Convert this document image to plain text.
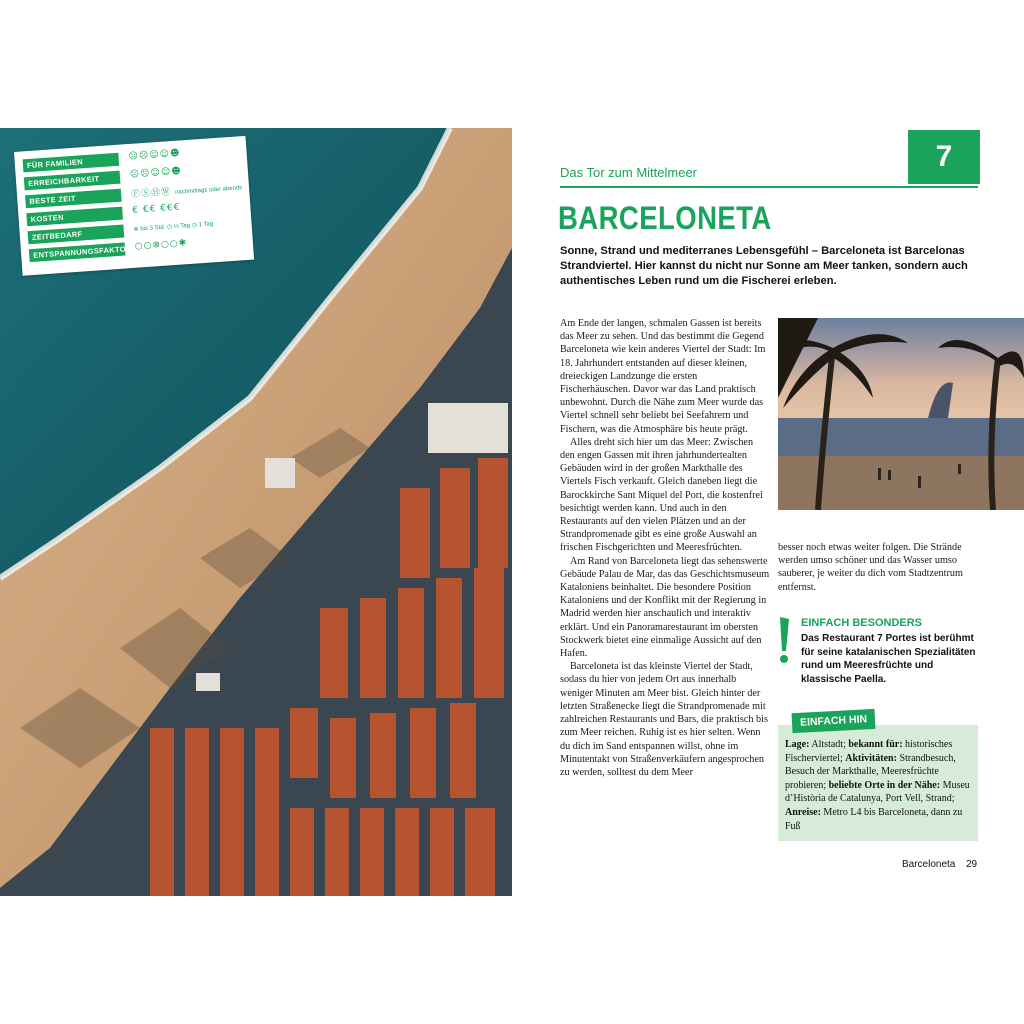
FÜR FAMILIEN
ERREICHBARKEIT
BESTE ZEIT
KOSTEN
ZEITBEDARF
ENTSPANNUNGSFAKTOR
☹☹☺☺☻
☹☹☺☺☻
ⒻⓈⒽⓌ nachmittags oder abends
€ €€ €€€
⊗ bis 3 Std. ◷ ½ Tag ◷ 1 Tag
○○⊗○○✱
7
Das Tor zum Mittelmeer
BARCELONETA
Sonne, Strand und mediterranes Lebensgefühl – Barceloneta ist Barcelonas Strandviertel. Hier kannst du nicht nur Sonne am Meer tanken, sondern auch authentisches Leben rund um die Fischerei erleben.

Am Ende der langen, schmalen Gassen ist bereits das Meer zu sehen. Und das bestimmt die Gegend Barceloneta wie kein anderes Viertel der Stadt: Im 18. Jahrhundert entstanden auf dieser kleinen, dreieckigen Landzunge die ersten Fischerhäuschen. Davor war das Land praktisch unbewohnt. Durch die Nähe zum Meer wurde das Viertel schnell sehr beliebt bei Seefahrern und Fischern, was die Atmosphäre bis heute prägt.

Alles dreht sich hier um das Meer: Zwischen den engen Gassen mit ihren jahrhundertealten Gebäuden wird in der großen Markthalle des Viertels Fisch verkauft. Gleich daneben liegt die Barockkirche Sant Miquel del Port, die kostenfrei besichtigt werden kann. Und auch in den Restaurants auf den vielen Plätzen und an der Strandpromenade gibt es eine große Auswahl an frischen Fischgerichten und Meeresfrüchten.

Am Rand von Barceloneta liegt das sehenswerte Gebäude Palau de Mar, das das Geschichtsmuseum Kataloniens beinhaltet. Die besondere Position Kataloniens und der Konflikt mit der Regierung in Madrid werden hier anschaulich und interaktiv erklärt. Und ein Panoramarestaurant im obersten Stockwerk bietet eine einmalige Aussicht auf den Hafen.

Barceloneta ist das kleinste Viertel der Stadt, sodass du hier von jedem Ort aus innerhalb weniger Minuten am Meer bist. Gleich hinter der letzten Straßenecke liegt die Strandpromenade mit zahlreichen Restaurants und Bars, die praktisch bis zum Meer reichen. Ruhig ist es hier selten. Wenn du dich im Sand entspannen willst, ohne im Minutentakt von Straßenverkäufern angesprochen zu werden, solltest du dem Meer

besser noch etwas weiter folgen. Die Strände werden umso schöner und das Wasser umso sauberer, je weiter du dich vom Stadtzentrum entfernst.

EINFACH BESONDERS
Das Restaurant 7 Portes ist berühmt für seine katalanischen Spezialitäten rund um Meeresfrüchte und klassische Paella.
EINFACH HIN
Lage: Altstadt; bekannt für: historisches Fischerviertel; Aktivitäten: Strandbesuch, Besuch der Markthalle, Meeresfrüchte probieren; beliebte Orte in der Nähe: Museu d’Història de Catalunya, Port Vell, Strand; Anreise: Metro L4 bis Barceloneta, dann zu Fuß
Barceloneta 29
